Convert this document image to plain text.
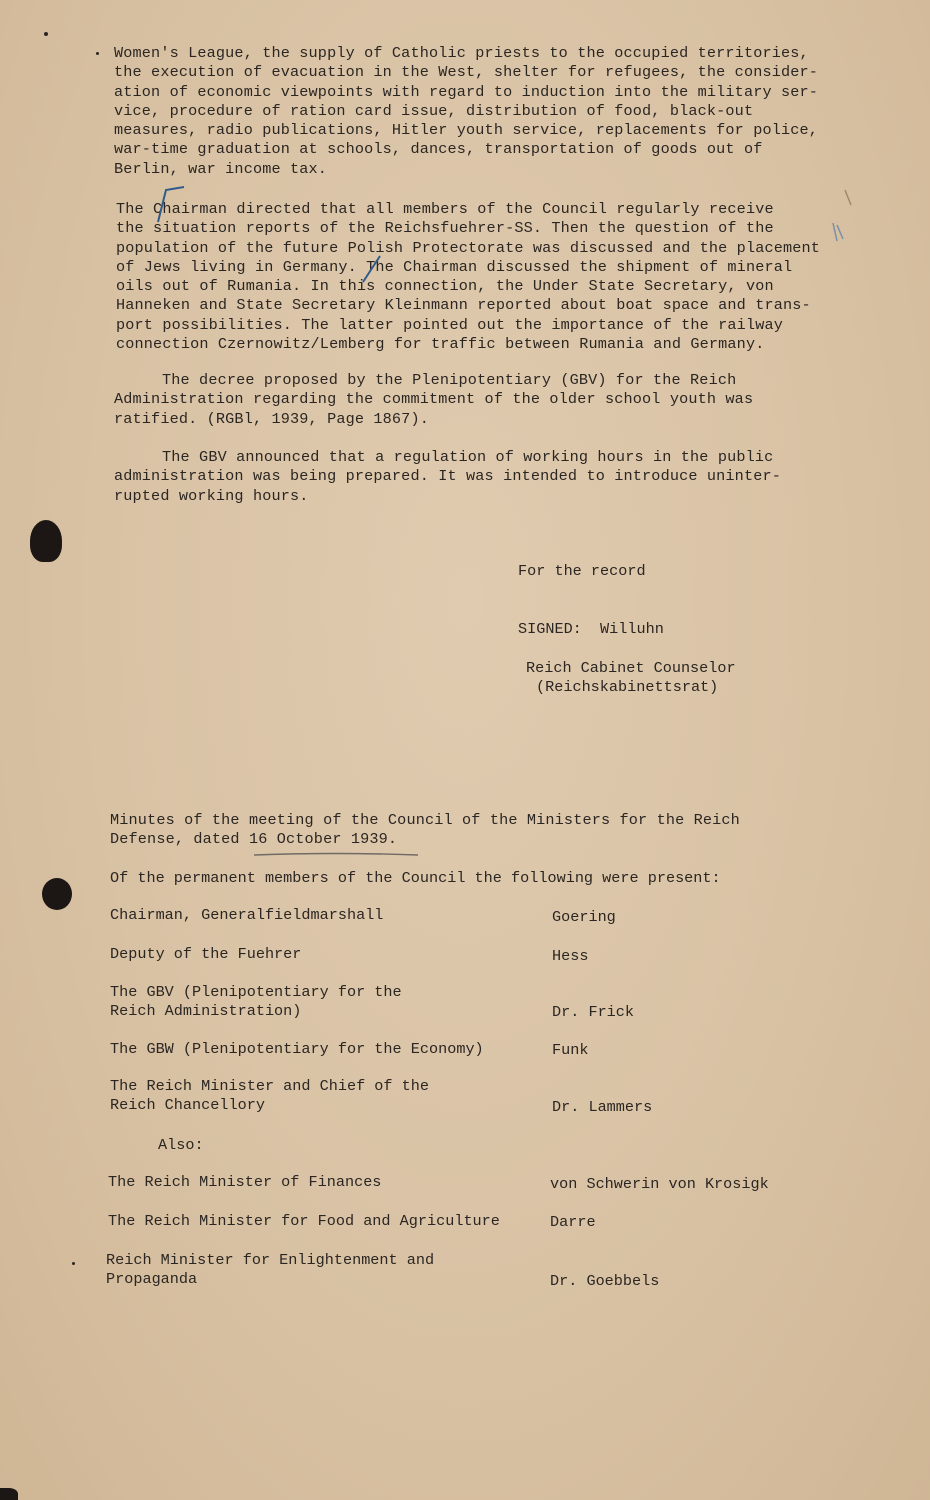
Women's League, the supply of Catholic priests to the occupied territories,
the execution of evacuation in the West, shelter for refugees, the consider-
ation of economic viewpoints with regard to induction into the military ser-
vice, procedure of ration card issue, distribution of food, black-out
measures, radio publications, Hitler youth service, replacements for police,
war-time graduation at schools, dances, transportation of goods out of
Berlin, war income tax.

The Chairman directed that all members of the Council regularly receive
the situation reports of the Reichsfuehrer-SS. Then the question of the
population of the future Polish Protectorate was discussed and the placement
of Jews living in Germany. The Chairman discussed the shipment of mineral
oils out of Rumania. In this connection, the Under State Secretary, von
Hanneken and State Secretary Kleinmann reported about boat space and trans-
port possibilities. The latter pointed out the importance of the railway
connection Czernowitz/Lemberg for traffic between Rumania and Germany.

The decree proposed by the Plenipotentiary (GBV) for the Reich
Administration regarding the commitment of the older school youth was
ratified. (RGBl, 1939, Page 1867).

The GBV announced that a regulation of working hours in the public
administration was being prepared. It was intended to introduce uninter-
rupted working hours.

For the record
SIGNED:  Willuhn
Reich Cabinet Counselor
(Reichskabinettsrat)

Minutes of the meeting of the Council of the Ministers for the Reich
Defense, dated 16 October 1939.

Of the permanent members of the Council the following were present:
Chairman, Generalfieldmarshall	Goering
Deputy of the Fuehrer	Hess
The GBV (Plenipotentiary for the
Reich Administration)	Dr. Frick
The GBW (Plenipotentiary for the Economy)	Funk
The Reich Minister and Chief of the
Reich Chancellory	Dr. Lammers
Also:
The Reich Minister of Finances	von Schwerin von Krosigk
The Reich Minister for Food and Agriculture	Darre
Reich Minister for Enlightenment and
Propaganda	Dr. Goebbels
